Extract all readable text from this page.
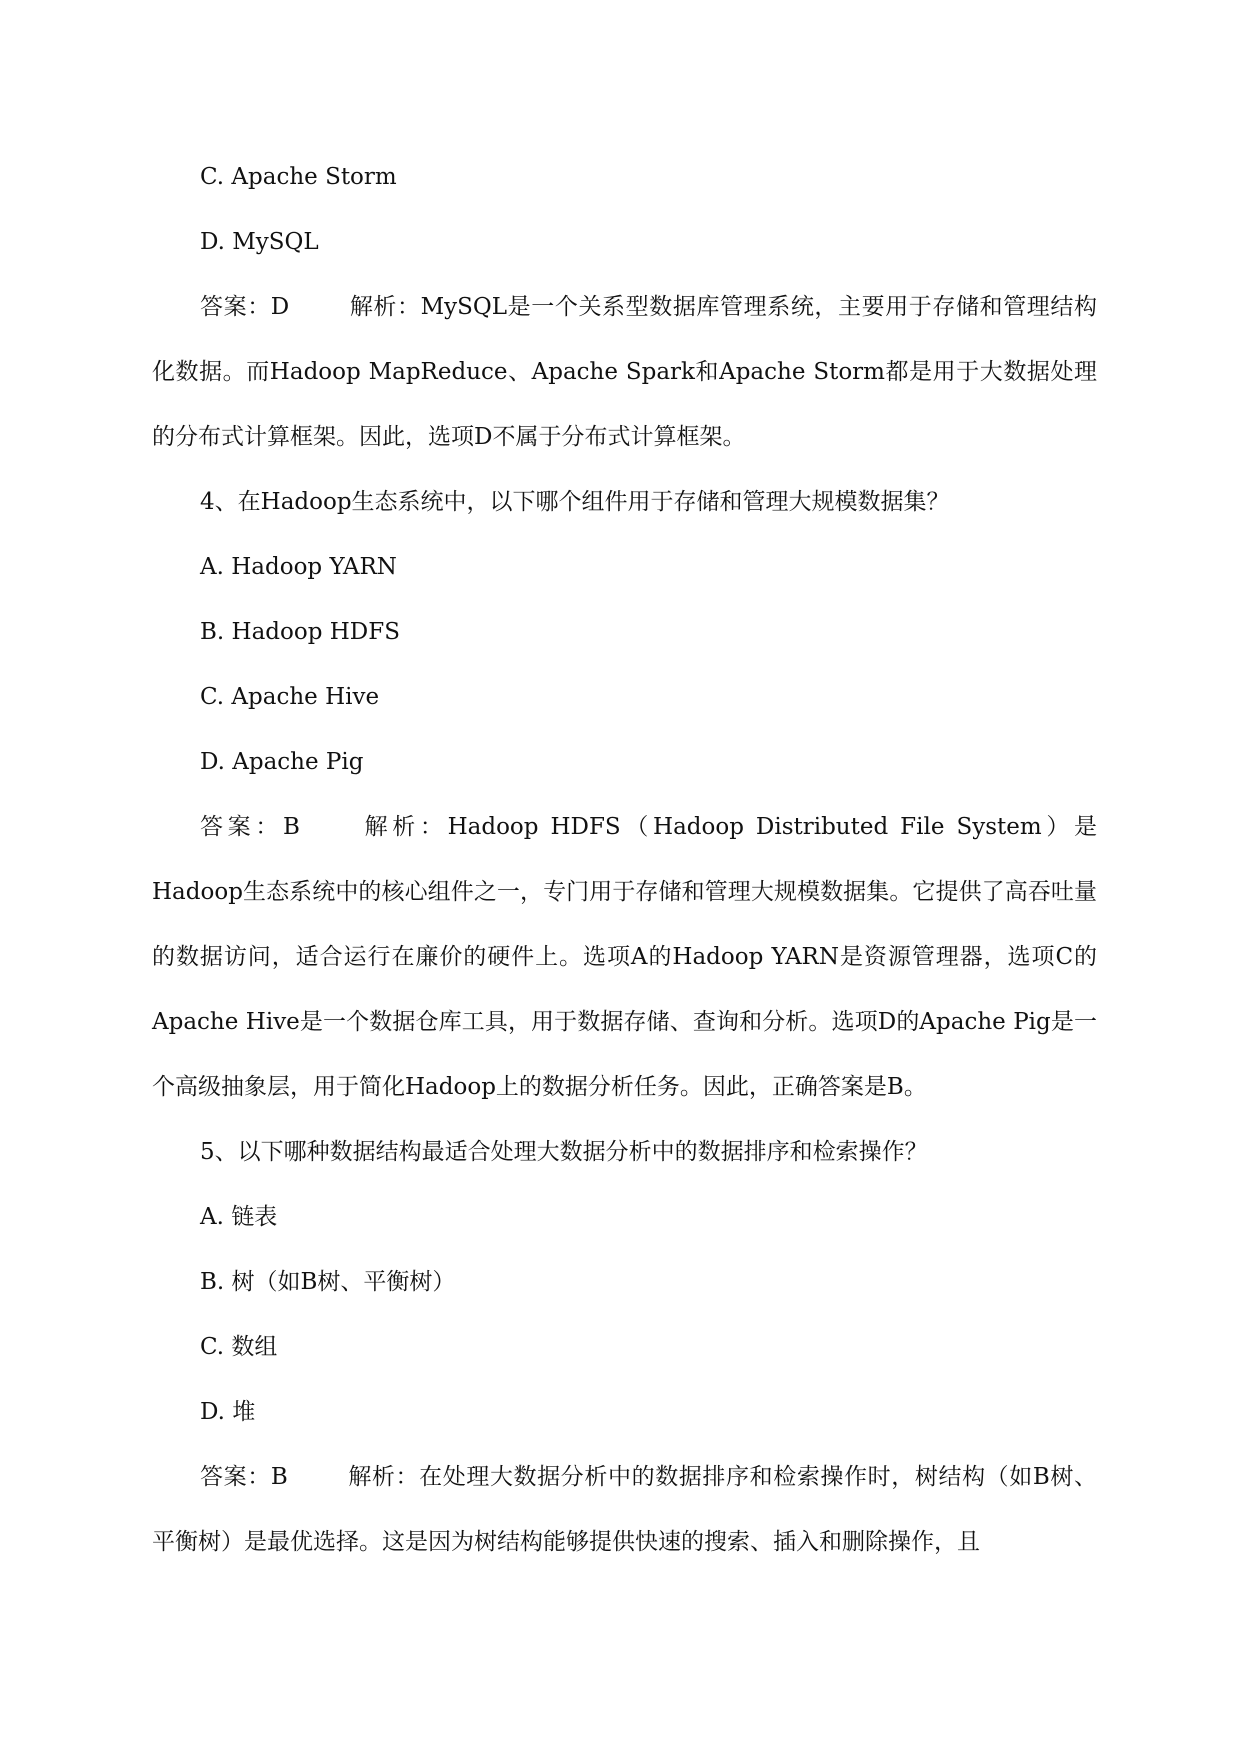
C. Apache Storm
D. MySQL
答案：D	解析：MySQL是一个关系型数据库管理系统，主要用于存储和管理结构化数据。而Hadoop MapReduce、Apache Spark和Apache Storm都是用于大数据处理的分布式计算框架。因此，选项D不属于分布式计算框架。
4、在Hadoop生态系统中，以下哪个组件用于存储和管理大规模数据集？
A. Hadoop YARN
B. Hadoop HDFS
C. Apache Hive
D. Apache Pig
答案：B	解析：Hadoop HDFS（Hadoop Distributed File System）是Hadoop生态系统中的核心组件之一，专门用于存储和管理大规模数据集。它提供了高吞吐量的数据访问，适合运行在廉价的硬件上。选项A的Hadoop YARN是资源管理器，选项C的Apache Hive是一个数据仓库工具，用于数据存储、查询和分析。选项D的Apache Pig是一个高级抽象层，用于简化Hadoop上的数据分析任务。因此，正确答案是B。
5、以下哪种数据结构最适合处理大数据分析中的数据排序和检索操作？
A. 链表
B. 树（如B树、平衡树）
C. 数组
D. 堆
答案：B	解析：在处理大数据分析中的数据排序和检索操作时，树结构（如B树、平衡树）是最优选择。这是因为树结构能够提供快速的搜索、插入和删除操作，且
